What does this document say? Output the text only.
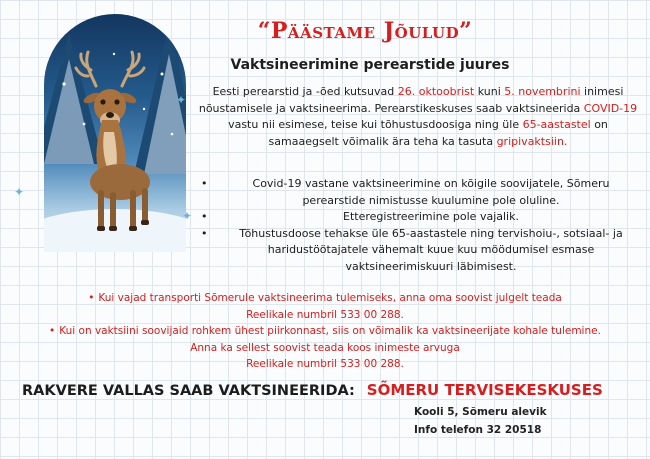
✦
✦
✦
“Päästame Jõulud”
Vaktsineerimine perearstide juures
Eesti perearstid ja -õed kutsuvad 26. oktoobrist kuni 5. novembrini inimesi nõustamisele ja vaktsineerima. Perearstikeskuses saab vaktsineerida COVID-19 vastu nii esimese, teise kui tõhustusdoosiga ning üle 65-aastastel on samaaegselt võimalik ära teha ka tasuta gripivaktsiin.
• Covid-19 vastane vaktsineerimine on kõigile soovijatele, Sõmeru perearstide nimistusse kuulumine pole oluline.
• Etteregistreerimine pole vajalik.
• Tõhustusdoose tehakse üle 65-aastastele ning tervishoiu-, sotsiaal- ja haridustöötajatele vähemalt kuue kuu möödumisel esmase vaktsineerimiskuuri läbimisest.
• Kui vajad transporti Sõmerule vaktsineerima tulemiseks, anna oma soovist julgelt teada
Reelikale numbril 533 00 288.
• Kui on vaktsiini soovijaid rohkem ühest piirkonnast, siis on võimalik ka vaktsineerijate kohale tulemine. Anna ka sellest soovist teada koos inimeste arvuga
Reelikale numbril 533 00 288.
RAKVERE VALLAS SAAB VAKTSINEERIDA: SÕMERU TERVISEKESKUSES
Kooli 5, Sõmeru alevik
Info telefon 32 20518
